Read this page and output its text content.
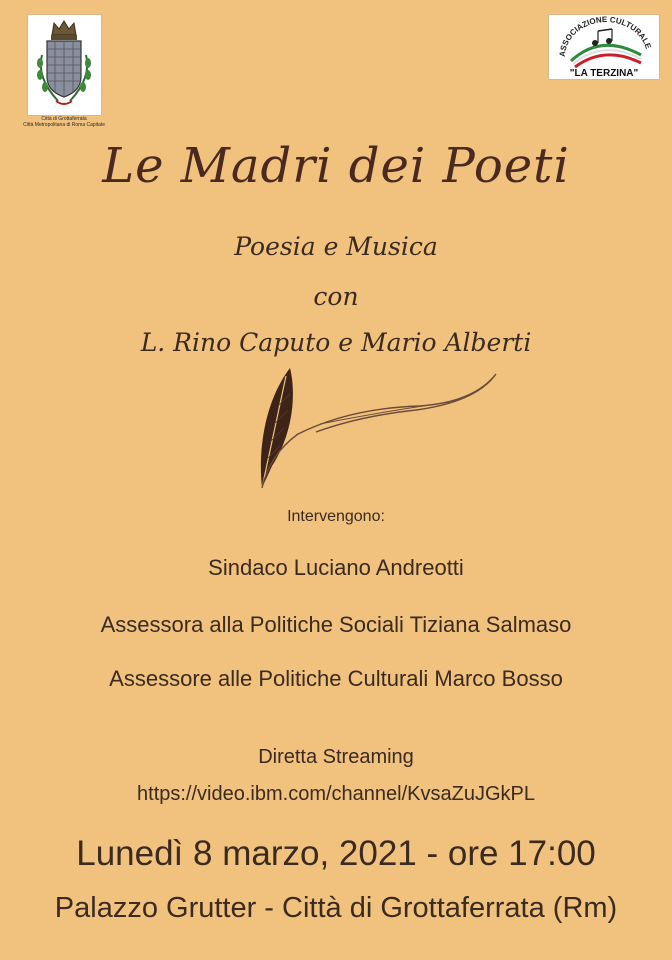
Città di Grottaferrata
Città Metropolitana di Roma Capitale
ASSOCIAZIONE CULTURALE
"LA TERZINA"
Le Madri dei Poeti
Poesia e Musica
con
L. Rino Caputo e Mario Alberti
Intervengono:
Sindaco Luciano Andreotti
Assessora alla Politiche Sociali Tiziana Salmaso
Assessore alle Politiche Culturali Marco Bosso
Diretta Streaming
https://video.ibm.com/channel/KvsaZuJGkPL
Lunedì 8 marzo, 2021 - ore 17:00
Palazzo Grutter - Città di Grottaferrata (Rm)
